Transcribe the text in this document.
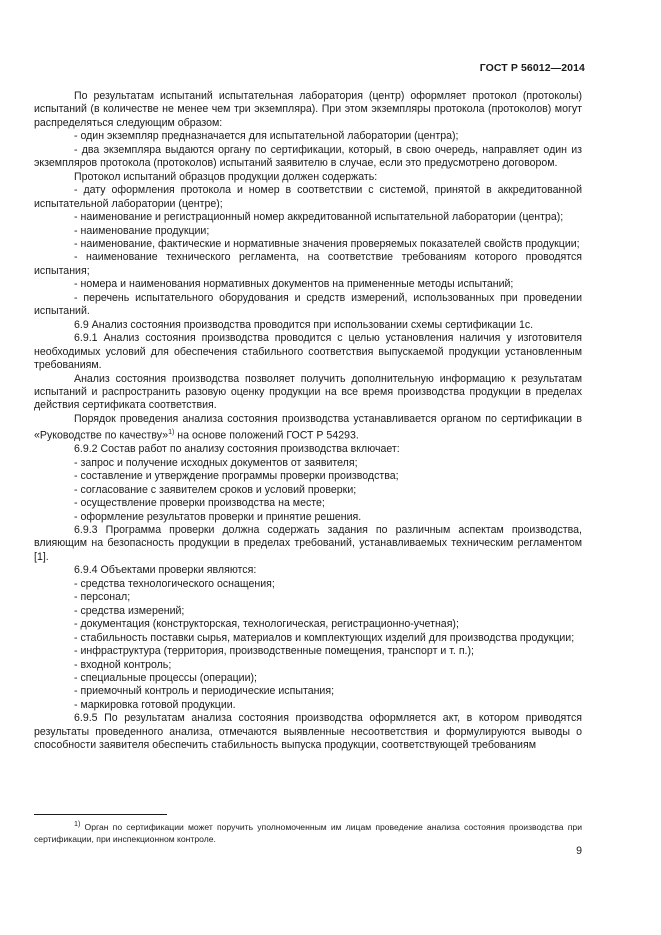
ГОСТ Р 56012—2014

По результатам испытаний испытательная лаборатория (центр) оформляет протокол (протоколы) испытаний (в количестве не менее чем три экземпляра). При этом экземпляры протокола (протоколов) могут распределяться следующим образом:

- один экземпляр предназначается для испытательной лаборатории (центра);

- два экземпляра выдаются органу по сертификации, который, в свою очередь, направляет один из экземпляров протокола (протоколов) испытаний заявителю в случае, если это предусмотрено договором.

Протокол испытаний образцов продукции должен содержать:

- дату оформления протокола и номер в соответствии с системой, принятой в аккредитованной испытательной лаборатории (центре);

- наименование и регистрационный номер аккредитованной испытательной лаборатории (центра);

- наименование продукции;

- наименование, фактические и нормативные значения проверяемых показателей свойств продукции;

- наименование технического регламента, на соответствие требованиям которого проводятся испытания;

- номера и наименования нормативных документов на примененные методы испытаний;

- перечень испытательного оборудования и средств измерений, использованных при проведении испытаний.

6.9 Анализ состояния производства проводится при использовании схемы сертификации 1с.

6.9.1 Анализ состояния производства проводится с целью установления наличия у изготовителя необходимых условий для обеспечения стабильного соответствия выпускаемой продукции установленным требованиям.

Анализ состояния производства позволяет получить дополнительную информацию к результатам испытаний и распространить разовую оценку продукции на все время производства продукции в пределах действия сертификата соответствия.

Порядок проведения анализа состояния производства устанавливается органом по сертификации в «Руководстве по качеству»$^{1)}$ на основе положений ГОСТ Р 54293.

6.9.2 Состав работ по анализу состояния производства включает:

- запрос и получение исходных документов от заявителя;

- составление и утверждение программы проверки производства;

- согласование с заявителем сроков и условий проверки;

- осуществление проверки производства на месте;

- оформление результатов проверки и принятие решения.

6.9.3 Программа проверки должна содержать задания по различным аспектам производства, влияющим на безопасность продукции в пределах требований, устанавливаемых техническим регламентом [1].

6.9.4 Объектами проверки являются:

- средства технологического оснащения;

- персонал;

- средства измерений;

- документация (конструкторская, технологическая, регистрационно-учетная);

- стабильность поставки сырья, материалов и комплектующих изделий для производства продукции;

- инфраструктура (территория, производственные помещения, транспорт и т. п.);

- входной контроль;

- специальные процессы (операции);

- приемочный контроль и периодические испытания;

- маркировка готовой продукции.

6.9.5 По результатам анализа состояния производства оформляется акт, в котором приводятся результаты проведенного анализа, отмечаются выявленные несоответствия и формулируются выводы о способности заявителя обеспечить стабильность выпуска продукции, соответствующей требованиям

$^{1)}$ Орган по сертификации может поручить уполномоченным им лицам проведение анализа состояния производства при сертификации, при инспекционном контроле.
9
